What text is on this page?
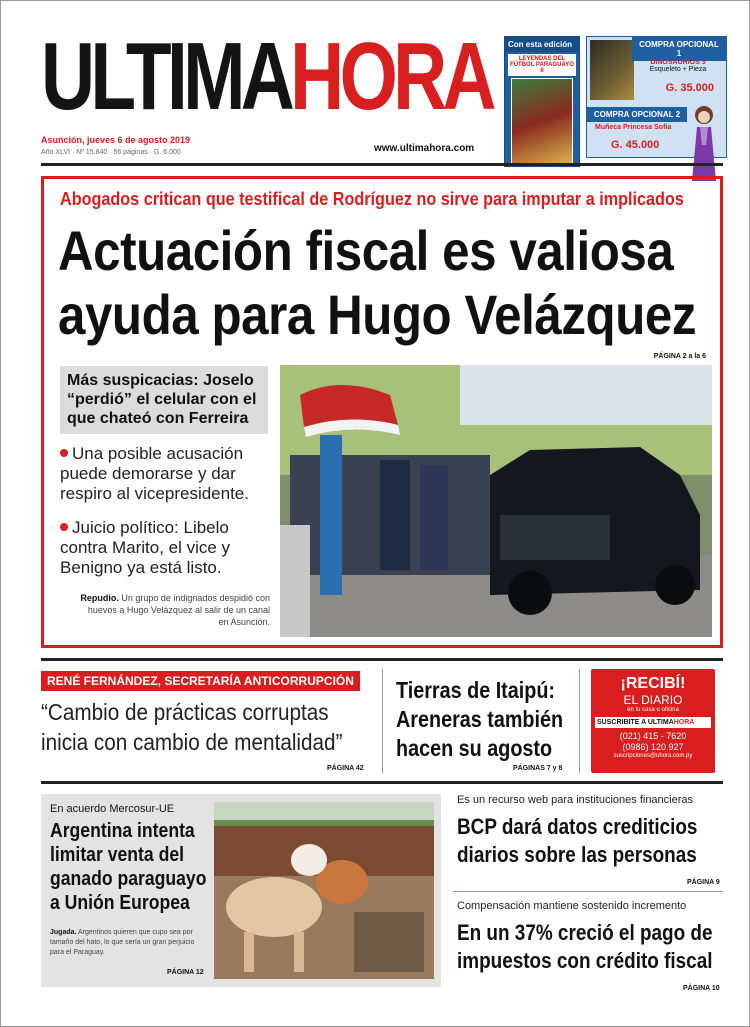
ULTIMAHORA
Asunción, jueves 6 de agosto 2019
Año XLVI · Nº 15.840 · 56 páginas · G. 6.000	www.ultimahora.com
Con esta edición
LEYENDAS DEL FÚTBOL PARAGUAYO II
COMPRA OPCIONAL 1
DINOSAURIOS 3
Esqueleto + Pieza
G. 35.000
COMPRA OPCIONAL 2
Muñeca Princesa Sofía
G. 45.000
Abogados critican que testifical de Rodríguez no sirve para imputar a implicados
Actuación fiscal es valiosa
ayuda para Hugo Velázquez
PÁGINA 2 a la 6

Más suspicacias: Joselo “perdió” el celular con el que chateó con Ferreira

Una posible acusación puede demorarse y dar respiro al vicepresidente.
Juicio político: Libelo contra Marito, el vice y Benigno ya está listo.
Repudio. Un grupo de indignados despidió con huevos a Hugo Velázquez al salir de un canal en Asunción.
RENÉ FERNÁNDEZ, SECRETARÍA ANTICORRUPCIÓN
“Cambio de prácticas corruptas
inicia con cambio de mentalidad”
PÁGINA 42
Tierras de Itaipú:
Areneras también
hacen su agosto
PÁGINAS 7 y 8
¡RECIBÍ!
EL DIARIO
en tu casa u oficina
SUSCRIBITE A ULTIMAHORA
(021) 415 - 7620
(0986) 120 927
suscripciones@uhora.com.py
En acuerdo Mercosur-UE
Argentina intenta
limitar venta del
ganado paraguayo
a Unión Europea
Jugada. Argentinos quieren que cupo sea por tamaño del hato, lo que sería un gran perjuicio para el Paraguay.
PÁGINA 12
Es un recurso web para instituciones financieras
BCP dará datos crediticios
diarios sobre las personas
PÁGINA 9
Compensación mantiene sostenido incremento
En un 37% creció el pago de
impuestos con crédito fiscal
PÁGINA 10
